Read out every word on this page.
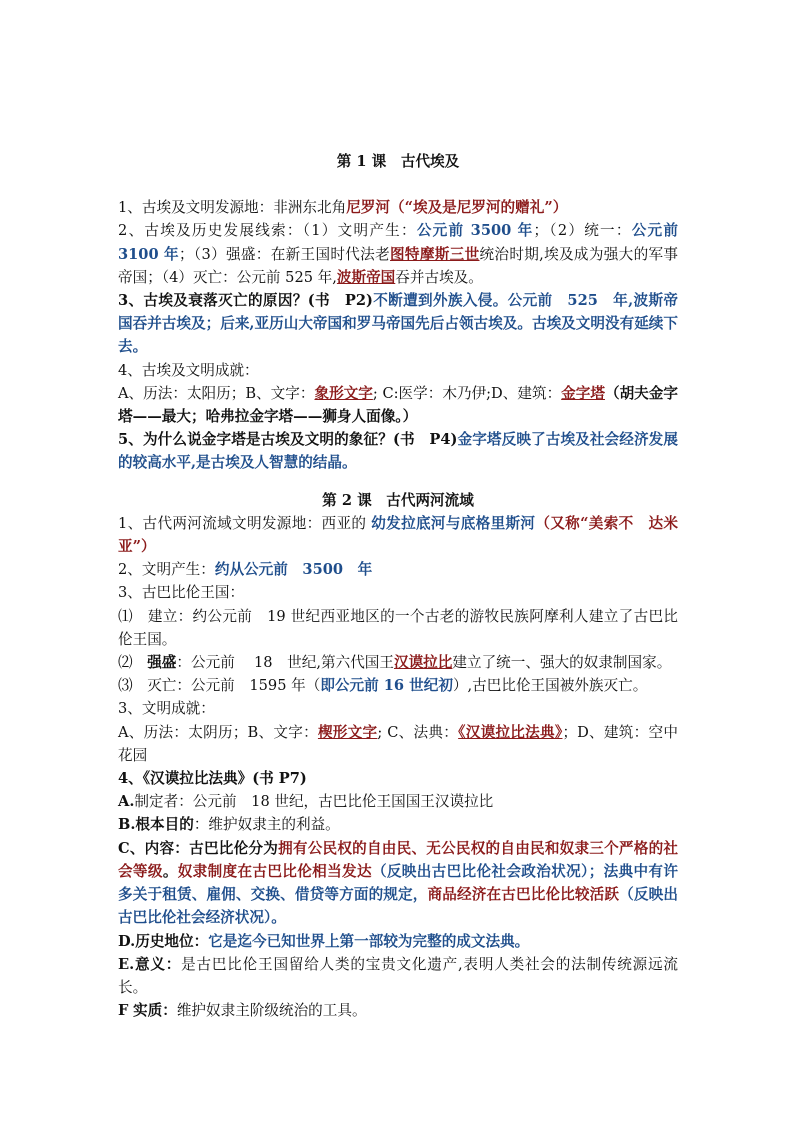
第 1 课　古代埃及

1、古埃及文明发源地：非洲东北角尼罗河（“埃及是尼罗河的赠礼”）

2、古埃及历史发展线索：（1）文明产生：公元前 3500 年；（2）统一：公元前 3100 年；（3）强盛：在新王国时代法老图特摩斯三世统治时期,埃及成为强大的军事帝国；（4）灭亡：公元前 525 年,波斯帝国吞并古埃及。

3、古埃及衰落灭亡的原因？(书　P2)不断遭到外族入侵。公元前　525　年,波斯帝国吞并古埃及；后来,亚历山大帝国和罗马帝国先后占领古埃及。古埃及文明没有延续下去。

4、古埃及文明成就：

A、历法：太阳历；B、文字：象形文字; C:医学：木乃伊;D、建筑：金字塔（胡夫金字塔——最大；哈弗拉金字塔——狮身人面像。）

5、为什么说金字塔是古埃及文明的象征？(书　P4)金字塔反映了古埃及社会经济发展的较高水平,是古埃及人智慧的结晶。

第 2 课　古代两河流域

1、古代两河流域文明发源地：西亚的 幼发拉底河与底格里斯河（又称“美索不　达米亚”）

2、文明产生：约从公元前　3500　年

3、古巴比伦王国：

⑴　建立：约公元前　19 世纪西亚地区的一个古老的游牧民族阿摩利人建立了古巴比伦王国。

⑵　强盛：公元前　 18　世纪,第六代国王汉谟拉比建立了统一、强大的奴隶制国家。

⑶　灭亡：公元前　1595 年（即公元前 16 世纪初）,古巴比伦王国被外族灭亡。

3、文明成就：

A、历法：太阴历；B、文字：楔形文字; C、法典：《汉谟拉比法典》；D、建筑：空中花园

4、《汉谟拉比法典》(书 P7)

A.制定者：公元前　18 世纪，古巴比伦王国国王汉谟拉比

B.根本目的：维护奴隶主的利益。

C、内容：古巴比伦分为拥有公民权的自由民、无公民权的自由民和奴隶三个严格的社会等级。奴隶制度在古巴比伦相当发达（反映出古巴比伦社会政治状况）；法典中有许多关于租赁、雇佣、交换、借贷等方面的规定，商品经济在古巴比伦比较活跃（反映出古巴比伦社会经济状况）。

D.历史地位：它是迄今已知世界上第一部较为完整的成文法典。

E.意义：是古巴比伦王国留给人类的宝贵文化遗产,表明人类社会的法制传统源远流长。

F 实质：维护奴隶主阶级统治的工具。
